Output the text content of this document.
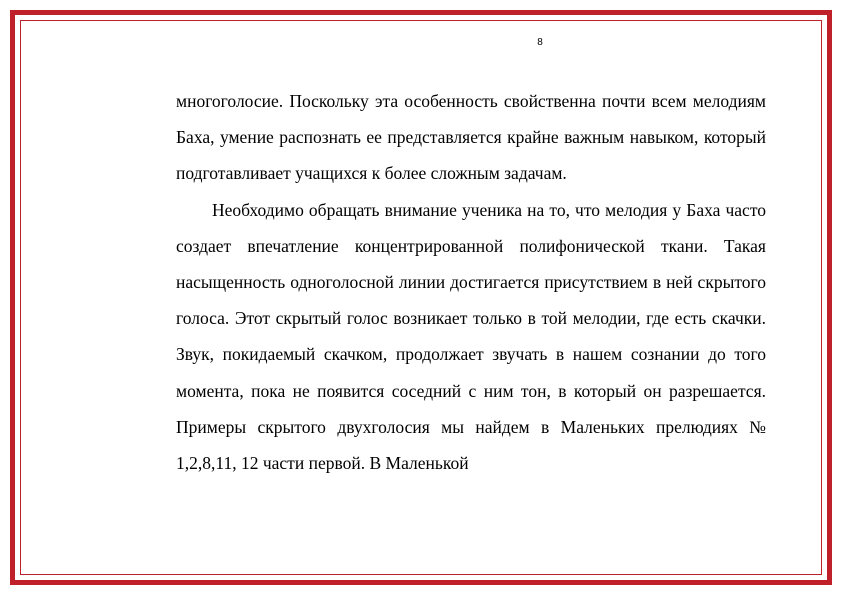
8

многоголосие. Поскольку эта особенность свойственна почти всем мелодиям Баха, умение распознать ее представляется крайне важным навыком, который подготавливает учащихся к более сложным задачам.

Необходимо обращать внимание ученика на то, что мелодия у Баха часто создает впечатление концентрированной полифонической ткани. Такая насыщенность одноголосной линии достигается присутствием в ней скрытого голоса. Этот скрытый голос возникает только в той мелодии, где есть скачки. Звук, покидаемый скачком, продолжает звучать в нашем сознании до того момента, пока не появится соседний с ним тон, в который он разрешается. Примеры скрытого двухголосия мы найдем в Маленьких прелюдиях № 1,2,8,11, 12 части первой. В Маленькой
